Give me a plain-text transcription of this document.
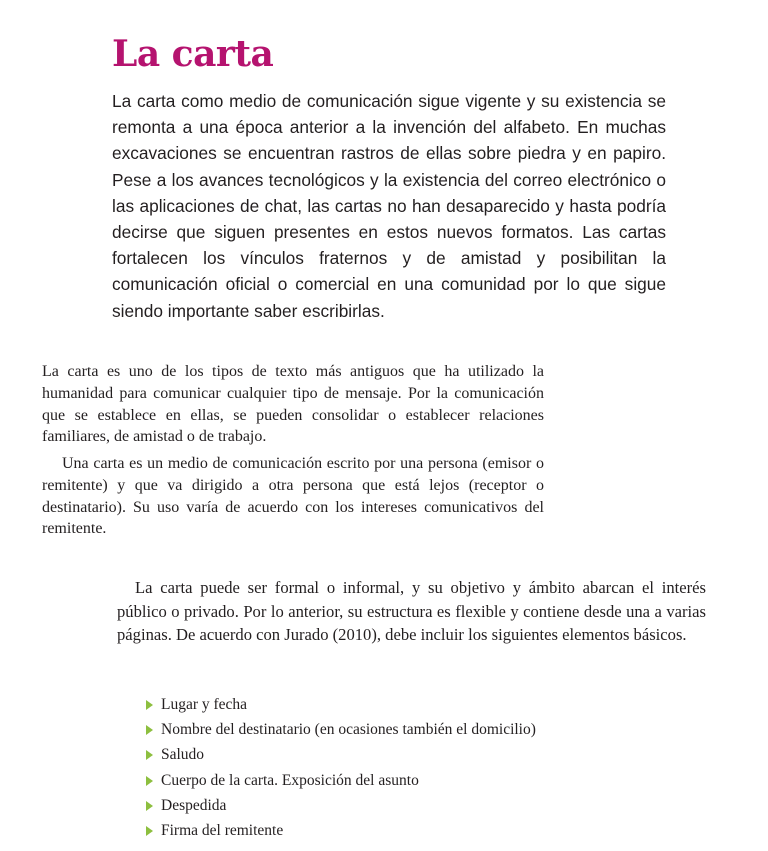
La carta

La carta como medio de comunicación sigue vigente y su existencia se remonta a una época anterior a la invención del alfabeto. En muchas excavaciones se encuentran rastros de ellas sobre piedra y en papiro. Pese a los avances tecnológicos y la existencia del correo electrónico o las aplicaciones de chat, las cartas no han desaparecido y hasta podría decirse que siguen presentes en estos nuevos formatos. Las cartas fortalecen los vínculos fraternos y de amistad y posibilitan la comunicación oficial o comercial en una comunidad por lo que sigue siendo importante saber escribirlas.

La carta es uno de los tipos de texto más antiguos que ha utilizado la humanidad para comunicar cualquier tipo de mensaje. Por la comunicación que se establece en ellas, se pueden consolidar o establecer relaciones familiares, de amistad o de trabajo.

Una carta es un medio de comunicación escrito por una persona (emisor o remitente) y que va dirigido a otra persona que está lejos (receptor o destinatario). Su uso varía de acuerdo con los intereses comunicativos del remitente.

La carta puede ser formal o informal, y su objetivo y ámbito abarcan el interés público o privado. Por lo anterior, su estructura es flexible y contiene desde una a varias páginas. De acuerdo con Jurado (2010), debe incluir los siguientes elementos básicos.

Lugar y fecha
Nombre del destinatario (en ocasiones también el domicilio)
Saludo
Cuerpo de la carta. Exposición del asunto
Despedida
Firma del remitente
